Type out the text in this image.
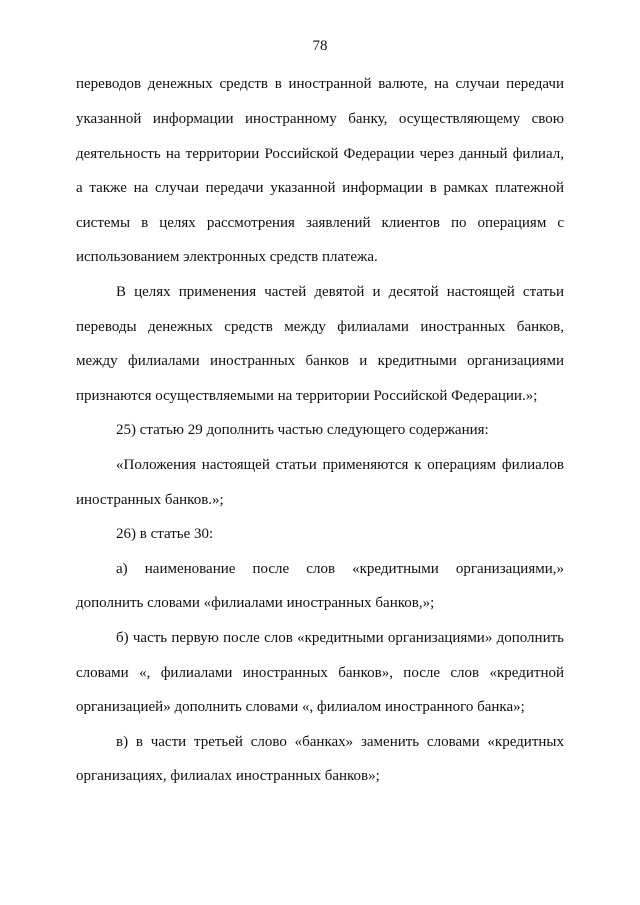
78
переводов денежных средств в иностранной валюте, на случаи передачи
указанной информации иностранному банку, осуществляющему свою
деятельность на территории Российской Федерации через данный филиал,
а также на случаи передачи указанной информации в рамках платежной
системы в целях рассмотрения заявлений клиентов по операциям с
использованием электронных средств платежа.
В целях применения частей девятой и десятой настоящей статьи
переводы денежных средств между филиалами иностранных банков,
между филиалами иностранных банков и кредитными организациями
признаются осуществляемыми на территории Российской Федерации.»;
25) статью 29 дополнить частью следующего содержания:
«Положения настоящей статьи применяются к операциям филиалов
иностранных банков.»;
26) в статье 30:
а) наименование после слов «кредитными организациями,»
дополнить словами «филиалами иностранных банков,»;
б) часть первую после слов «кредитными организациями» дополнить
словами «, филиалами иностранных банков», после слов «кредитной
организацией» дополнить словами «, филиалом иностранного банка»;
в) в части третьей слово «банках» заменить словами «кредитных
организациях, филиалах иностранных банков»;
